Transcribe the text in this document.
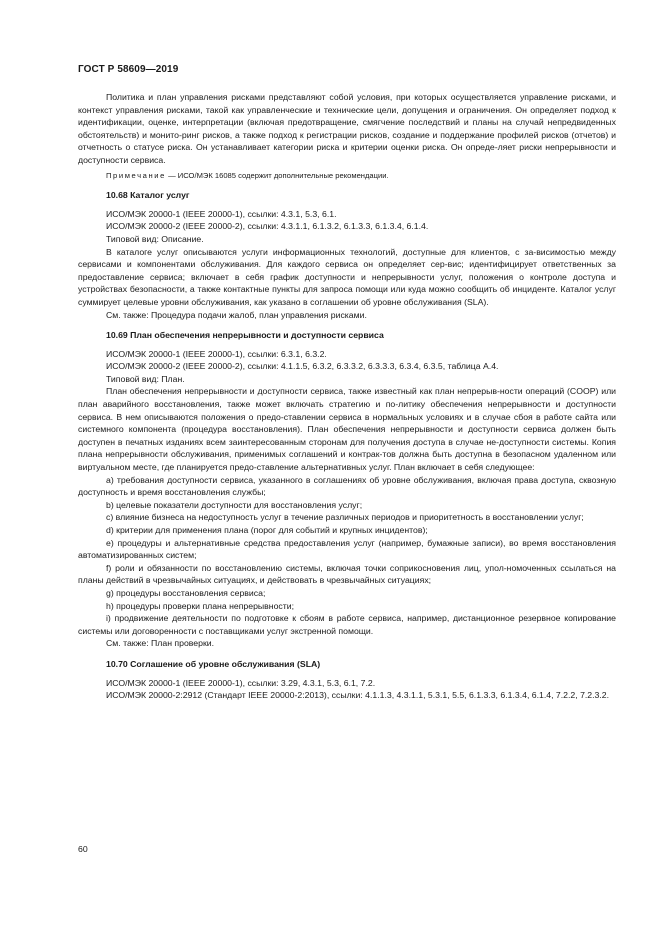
ГОСТ Р 58609—2019

Политика и план управления рисками представляют собой условия, при которых осуществляется управление рисками, и контекст управления рисками, такой как управленческие и технические цели, допущения и ограничения. Он определяет подход к идентификации, оценке, интерпретации (включая предотвращение, смягчение последствий и планы на случай непредвиденных обстоятельств) и монито-ринг рисков, а также подход к регистрации рисков, создание и поддержание профилей рисков (отчетов) и отчетность о статусе риска. Он устанавливает категории риска и критерии оценки риска. Он опреде-ляет риски непрерывности и доступности сервиса.

Примечание — ИСО/МЭК 16085 содержит дополнительные рекомендации.

10.68 Каталог услуг

ИСО/МЭК 20000-1 (IEEE 20000-1), ссылки: 4.3.1, 5.3, 6.1.

ИСО/МЭК 20000-2 (IEEE 20000-2), ссылки: 4.3.1.1, 6.1.3.2, 6.1.3.3, 6.1.3.4, 6.1.4.

Типовой вид: Описание.

В каталоге услуг описываются услуги информационных технологий, доступные для клиентов, с за-висимостью между сервисами и компонентами обслуживания. Для каждого сервиса он определяет сер-вис; идентифицирует ответственных за предоставление сервиса; включает в себя график доступности и непрерывности услуг, положения о контроле доступа и устройствах безопасности, а также контактные пункты для запроса помощи или куда можно сообщить об инциденте. Каталог услуг суммирует целевые уровни обслуживания, как указано в соглашении об уровне обслуживания (SLA).

См. также: Процедура подачи жалоб, план управления рисками.

10.69 План обеспечения непрерывности и доступности сервиса

ИСО/МЭК 20000-1 (IEEE 20000-1), ссылки: 6.3.1, 6.3.2.

ИСО/МЭК 20000-2 (IEEE 20000-2), ссылки: 4.1.1.5, 6.3.2, 6.3.3.2, 6.3.3.3, 6.3.4, 6.3.5, таблица А.4.

Типовой вид: План.

План обеспечения непрерывности и доступности сервиса, также известный как план непрерыв-ности операций (COOP) или план аварийного восстановления, также может включать стратегию и по-литику обеспечения непрерывности и доступности сервиса. В нем описываются положения о предо-ставлении сервиса в нормальных условиях и в случае сбоя в работе сайта или системного компонента (процедура восстановления). План обеспечения непрерывности и доступности сервиса должен быть доступен в печатных изданиях всем заинтересованным сторонам для получения доступа в случае не-доступности системы. Копия плана непрерывности обслуживания, применимых соглашений и контрак-тов должна быть доступна в безопасном удаленном или виртуальном месте, где планируется предо-ставление альтернативных услуг. План включает в себя следующее:

a) требования доступности сервиса, указанного в соглашениях об уровне обслуживания, включая права доступа, сквозную доступность и время восстановления службы;

b) целевые показатели доступности для восстановления услуг;

c) влияние бизнеса на недоступность услуг в течение различных периодов и приоритетность в восстановлении услуг;

d) критерии для применения плана (порог для событий и крупных инцидентов);

e) процедуры и альтернативные средства предоставления услуг (например, бумажные записи), во время восстановления автоматизированных систем;

f) роли и обязанности по восстановлению системы, включая точки соприкосновения лиц, упол-номоченных ссылаться на планы действий в чрезвычайных ситуациях, и действовать в чрезвычайных ситуациях;

g) процедуры восстановления сервиса;

h) процедуры проверки плана непрерывности;

i) продвижение деятельности по подготовке к сбоям в работе сервиса, например, дистанционное резервное копирование системы или договоренности с поставщиками услуг экстренной помощи.

См. также: План проверки.

10.70 Соглашение об уровне обслуживания (SLA)

ИСО/МЭК 20000-1 (IEEE 20000-1), ссылки: 3.29, 4.3.1, 5.3, 6.1, 7.2.

ИСО/МЭК 20000-2:2912 (Стандарт IEEE 20000-2:2013), ссылки: 4.1.1.3, 4.3.1.1, 5.3.1, 5.5, 6.1.3.3, 6.1.3.4, 6.1.4, 7.2.2, 7.2.3.2.

60
